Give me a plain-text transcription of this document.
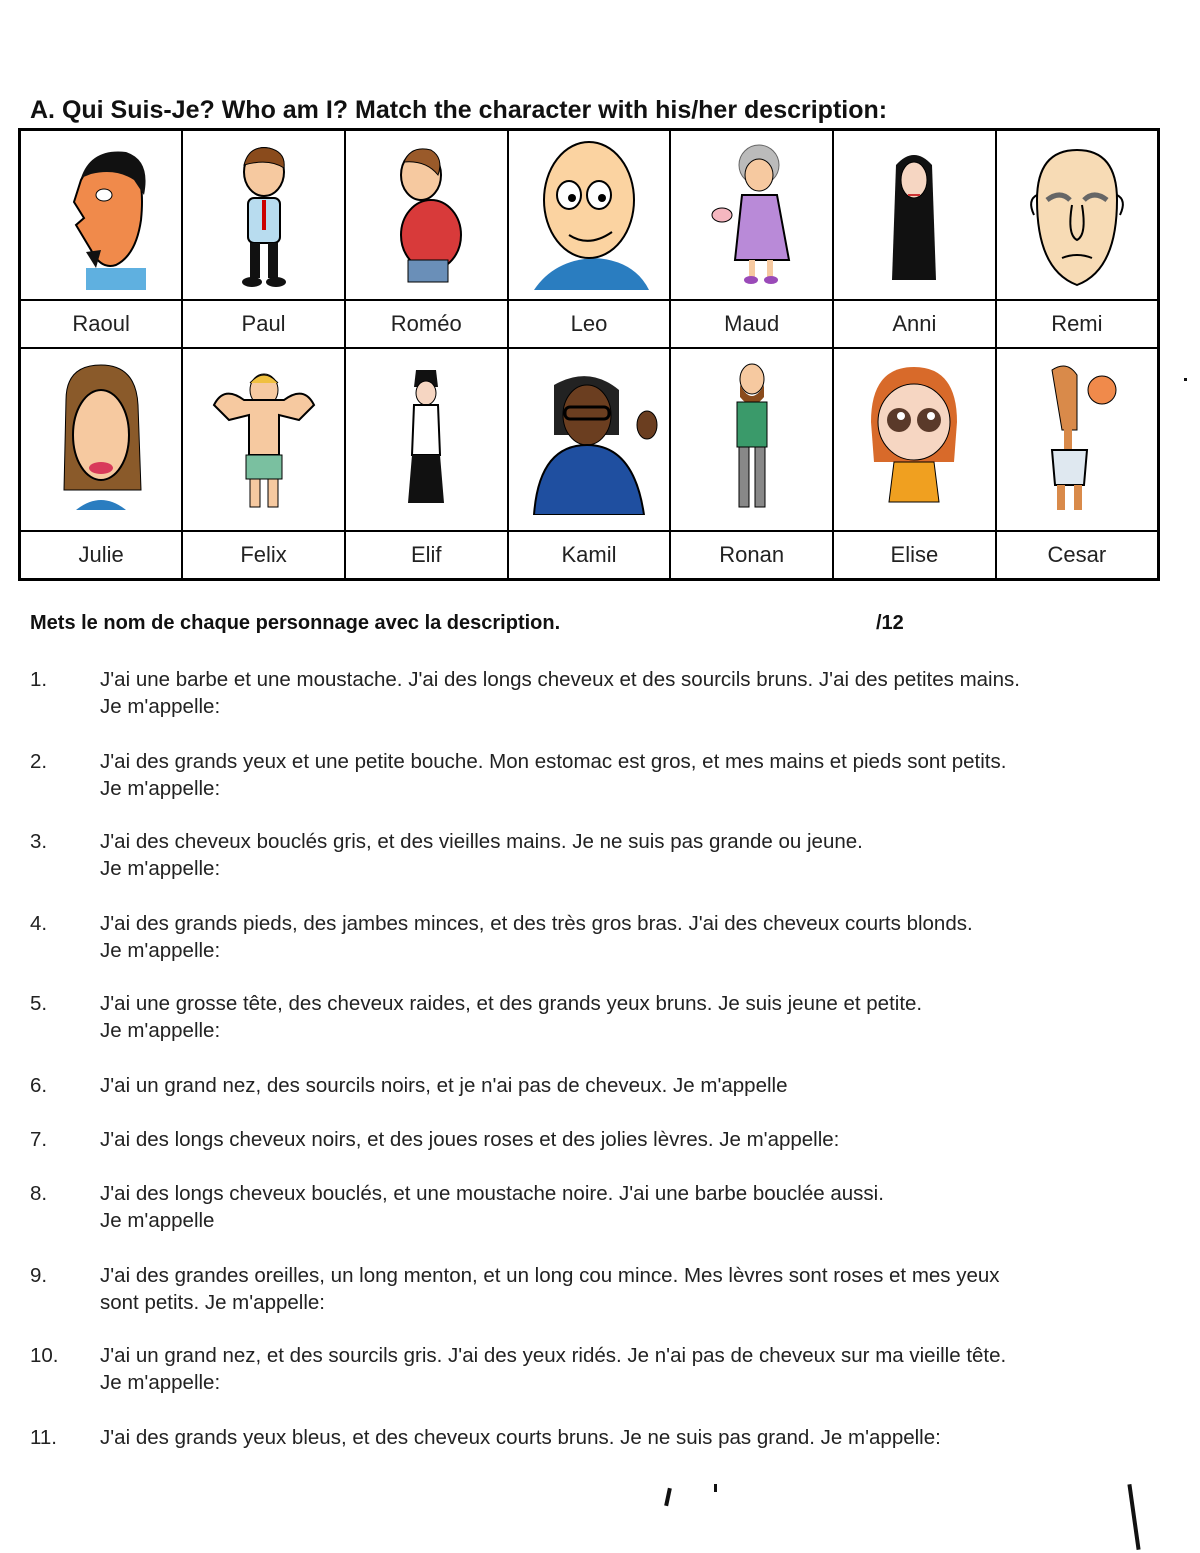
A. Qui Suis-Je? Who am I? Match the character with his/her description:

Raoul	Paul	Roméo	Leo	Maud	Anni	Remi

Julie	Felix	Elif	Kamil	Ronan	Elise	Cesar
Mets le nom de chaque personnage avec la description.	/12
1.	J'ai une barbe et une moustache. J'ai des longs cheveux et des sourcils bruns. J'ai des petites mains.
Je m'appelle:
2.	J'ai des grands yeux et une petite bouche. Mon estomac est gros, et mes mains et pieds sont petits.
Je m'appelle:
3.	J'ai des cheveux bouclés gris, et des vieilles mains. Je ne suis pas grande ou jeune.
Je m'appelle:
4.	J'ai des grands pieds, des jambes minces, et des très gros bras. J'ai des cheveux courts blonds.
Je m'appelle:
5.	J'ai une grosse tête, des cheveux raides, et des grands yeux bruns. Je suis jeune et petite.
Je m'appelle:
6.	J'ai un grand nez, des sourcils noirs, et je n'ai pas de cheveux. Je m'appelle
7.	J'ai des longs cheveux noirs, et des joues roses et des jolies lèvres. Je m'appelle:
8.	J'ai des longs cheveux bouclés, et une moustache noire. J'ai une barbe bouclée aussi.
Je m'appelle
9.	J'ai des grandes oreilles, un long menton, et un long cou mince. Mes lèvres sont roses et mes yeux
sont petits. Je m'appelle:
10.	J'ai un grand nez, et des sourcils gris. J'ai des yeux ridés. Je n'ai pas de cheveux sur ma vieille tête.
Je m'appelle:
11.	J'ai des grands yeux bleus, et des cheveux courts bruns. Je ne suis pas grand. Je m'appelle:
